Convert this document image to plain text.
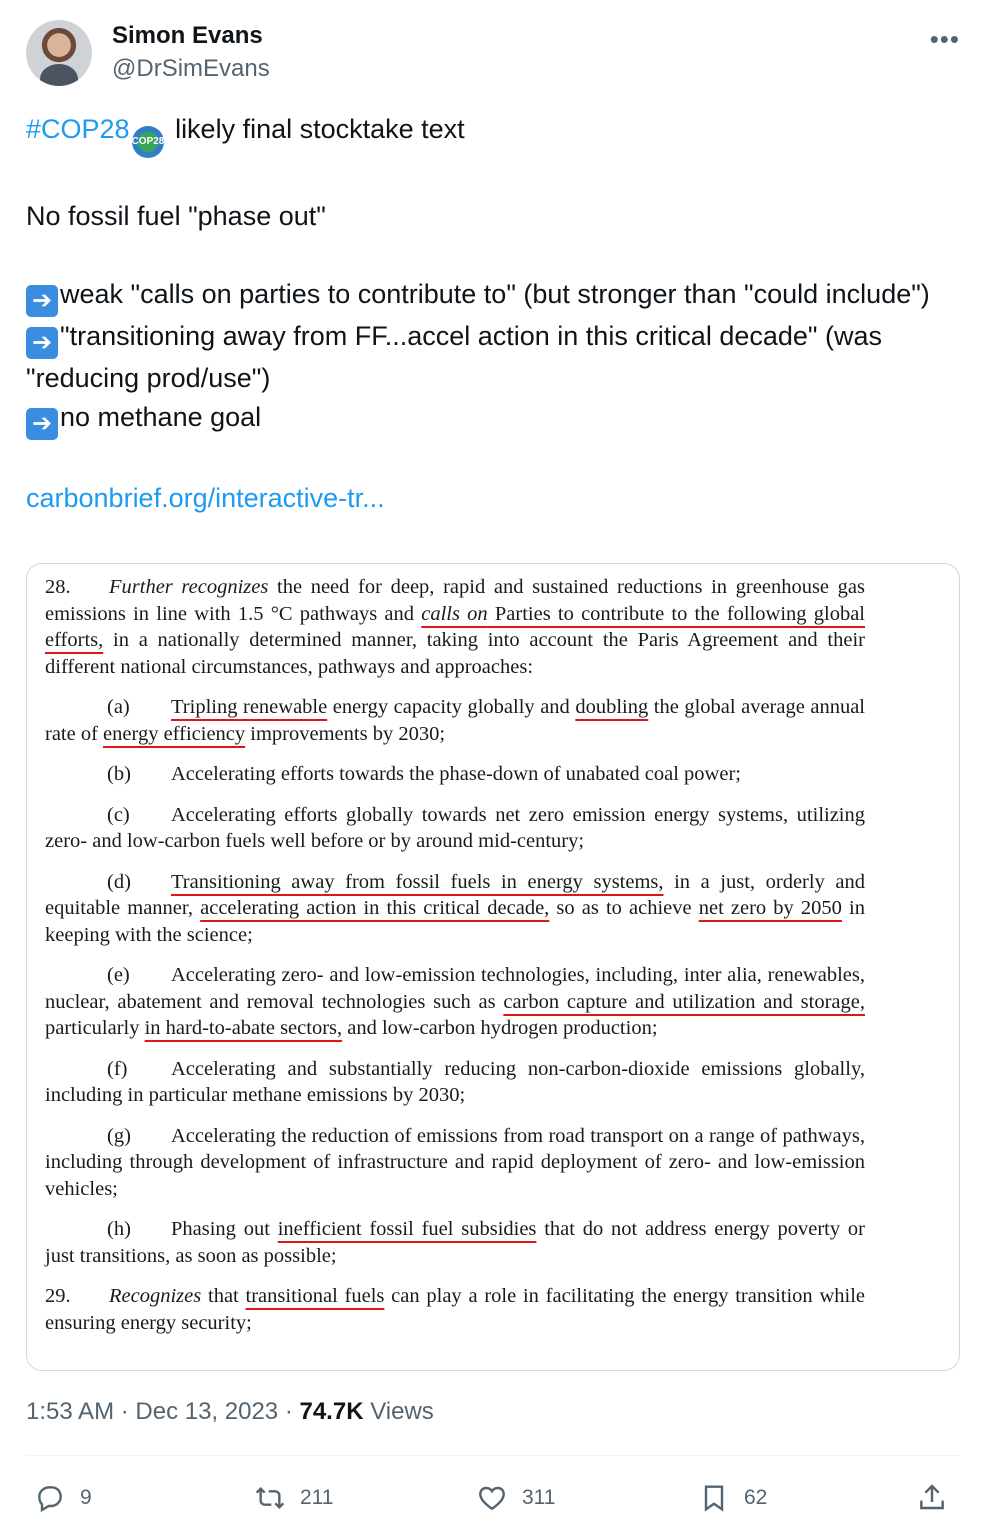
Simon Evans
@DrSimEvans
•••

#COP28 COP28 likely final stocktake text

No fossil fuel "phase out"

➔ weak "calls on parties to contribute to" (but stronger than "could include")

➔ "transitioning away from FF...accel action in this critical decade" (was "reducing prod/use")

➔ no methane goal

carbonbrief.org/interactive-tr...

28. Further recognizes the need for deep, rapid and sustained reductions in greenhouse gas emissions in line with 1.5 °C pathways and calls on Parties to contribute to the following global efforts, in a nationally determined manner, taking into account the Paris Agreement and their different national circumstances, pathways and approaches:

(a) Tripling renewable energy capacity globally and doubling the global average annual rate of energy efficiency improvements by 2030;

(b) Accelerating efforts towards the phase-down of unabated coal power;

(c) Accelerating efforts globally towards net zero emission energy systems, utilizing zero- and low-carbon fuels well before or by around mid-century;

(d) Transitioning away from fossil fuels in energy systems, in a just, orderly and equitable manner, accelerating action in this critical decade, so as to achieve net zero by 2050 in keeping with the science;

(e) Accelerating zero- and low-emission technologies, including, inter alia, renewables, nuclear, abatement and removal technologies such as carbon capture and utilization and storage, particularly in hard-to-abate sectors, and low-carbon hydrogen production;

(f) Accelerating and substantially reducing non-carbon-dioxide emissions globally, including in particular methane emissions by 2030;

(g) Accelerating the reduction of emissions from road transport on a range of pathways, including through development of infrastructure and rapid deployment of zero- and low-emission vehicles;

(h) Phasing out inefficient fossil fuel subsidies that do not address energy poverty or just transitions, as soon as possible;

29. Recognizes that transitional fuels can play a role in facilitating the energy transition while ensuring energy security;

1:53 AM · Dec 13, 2023 · 74.7K Views
9	211	311	62
